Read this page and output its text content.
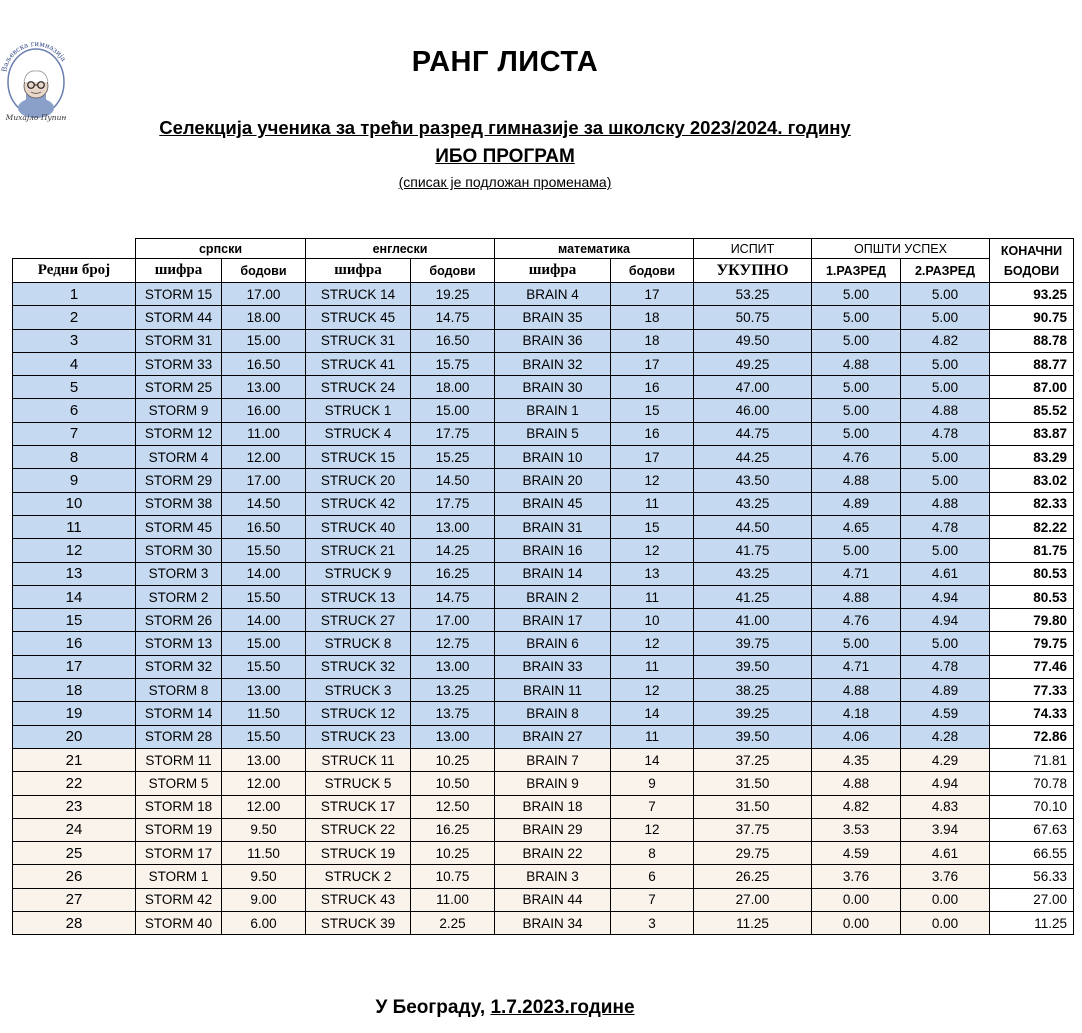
Ваљевска гимназија
Михајло Пупин
РАНГ ЛИСТА
Селекција ученика за трећи разред гимназије за школску 2023/2024. годину
ИБО ПРОГРАМ
(списак је подложан променама)
	српски		енглески		математика		ИСПИТ	ОПШТИ УСПЕХ		КОНАЧНИ
БОДОВИ
Редни број	шифра	бодови	шифра	бодови	шифра	бодови	УКУПНО	1.РАЗРЕД	2.РАЗРЕД	
1	STORM 15	17.00	STRUCK 14	19.25	BRAIN 4	17	53.25	5.00	5.00	93.25
2	STORM 44	18.00	STRUCK 45	14.75	BRAIN 35	18	50.75	5.00	5.00	90.75
3	STORM 31	15.00	STRUCK 31	16.50	BRAIN 36	18	49.50	5.00	4.82	88.78
4	STORM 33	16.50	STRUCK 41	15.75	BRAIN 32	17	49.25	4.88	5.00	88.77
5	STORM 25	13.00	STRUCK 24	18.00	BRAIN 30	16	47.00	5.00	5.00	87.00
6	STORM 9	16.00	STRUCK 1	15.00	BRAIN 1	15	46.00	5.00	4.88	85.52
7	STORM 12	11.00	STRUCK 4	17.75	BRAIN 5	16	44.75	5.00	4.78	83.87
8	STORM 4	12.00	STRUCK 15	15.25	BRAIN 10	17	44.25	4.76	5.00	83.29
9	STORM 29	17.00	STRUCK 20	14.50	BRAIN 20	12	43.50	4.88	5.00	83.02
10	STORM 38	14.50	STRUCK 42	17.75	BRAIN 45	11	43.25	4.89	4.88	82.33
11	STORM 45	16.50	STRUCK 40	13.00	BRAIN 31	15	44.50	4.65	4.78	82.22
12	STORM 30	15.50	STRUCK 21	14.25	BRAIN 16	12	41.75	5.00	5.00	81.75
13	STORM 3	14.00	STRUCK 9	16.25	BRAIN 14	13	43.25	4.71	4.61	80.53
14	STORM 2	15.50	STRUCK 13	14.75	BRAIN 2	11	41.25	4.88	4.94	80.53
15	STORM 26	14.00	STRUCK 27	17.00	BRAIN 17	10	41.00	4.76	4.94	79.80
16	STORM 13	15.00	STRUCK 8	12.75	BRAIN 6	12	39.75	5.00	5.00	79.75
17	STORM 32	15.50	STRUCK 32	13.00	BRAIN 33	11	39.50	4.71	4.78	77.46
18	STORM 8	13.00	STRUCK 3	13.25	BRAIN 11	12	38.25	4.88	4.89	77.33
19	STORM 14	11.50	STRUCK 12	13.75	BRAIN 8	14	39.25	4.18	4.59	74.33
20	STORM 28	15.50	STRUCK 23	13.00	BRAIN 27	11	39.50	4.06	4.28	72.86
21	STORM 11	13.00	STRUCK 11	10.25	BRAIN 7	14	37.25	4.35	4.29	71.81
22	STORM 5	12.00	STRUCK 5	10.50	BRAIN 9	9	31.50	4.88	4.94	70.78
23	STORM 18	12.00	STRUCK 17	12.50	BRAIN 18	7	31.50	4.82	4.83	70.10
24	STORM 19	9.50	STRUCK 22	16.25	BRAIN 29	12	37.75	3.53	3.94	67.63
25	STORM 17	11.50	STRUCK 19	10.25	BRAIN 22	8	29.75	4.59	4.61	66.55
26	STORM 1	9.50	STRUCK 2	10.75	BRAIN 3	6	26.25	3.76	3.76	56.33
27	STORM 42	9.00	STRUCK 43	11.00	BRAIN 44	7	27.00	0.00	0.00	27.00
28	STORM 40	6.00	STRUCK 39	2.25	BRAIN 34	3	11.25	0.00	0.00	11.25
У Београду, 1.7.2023.године
